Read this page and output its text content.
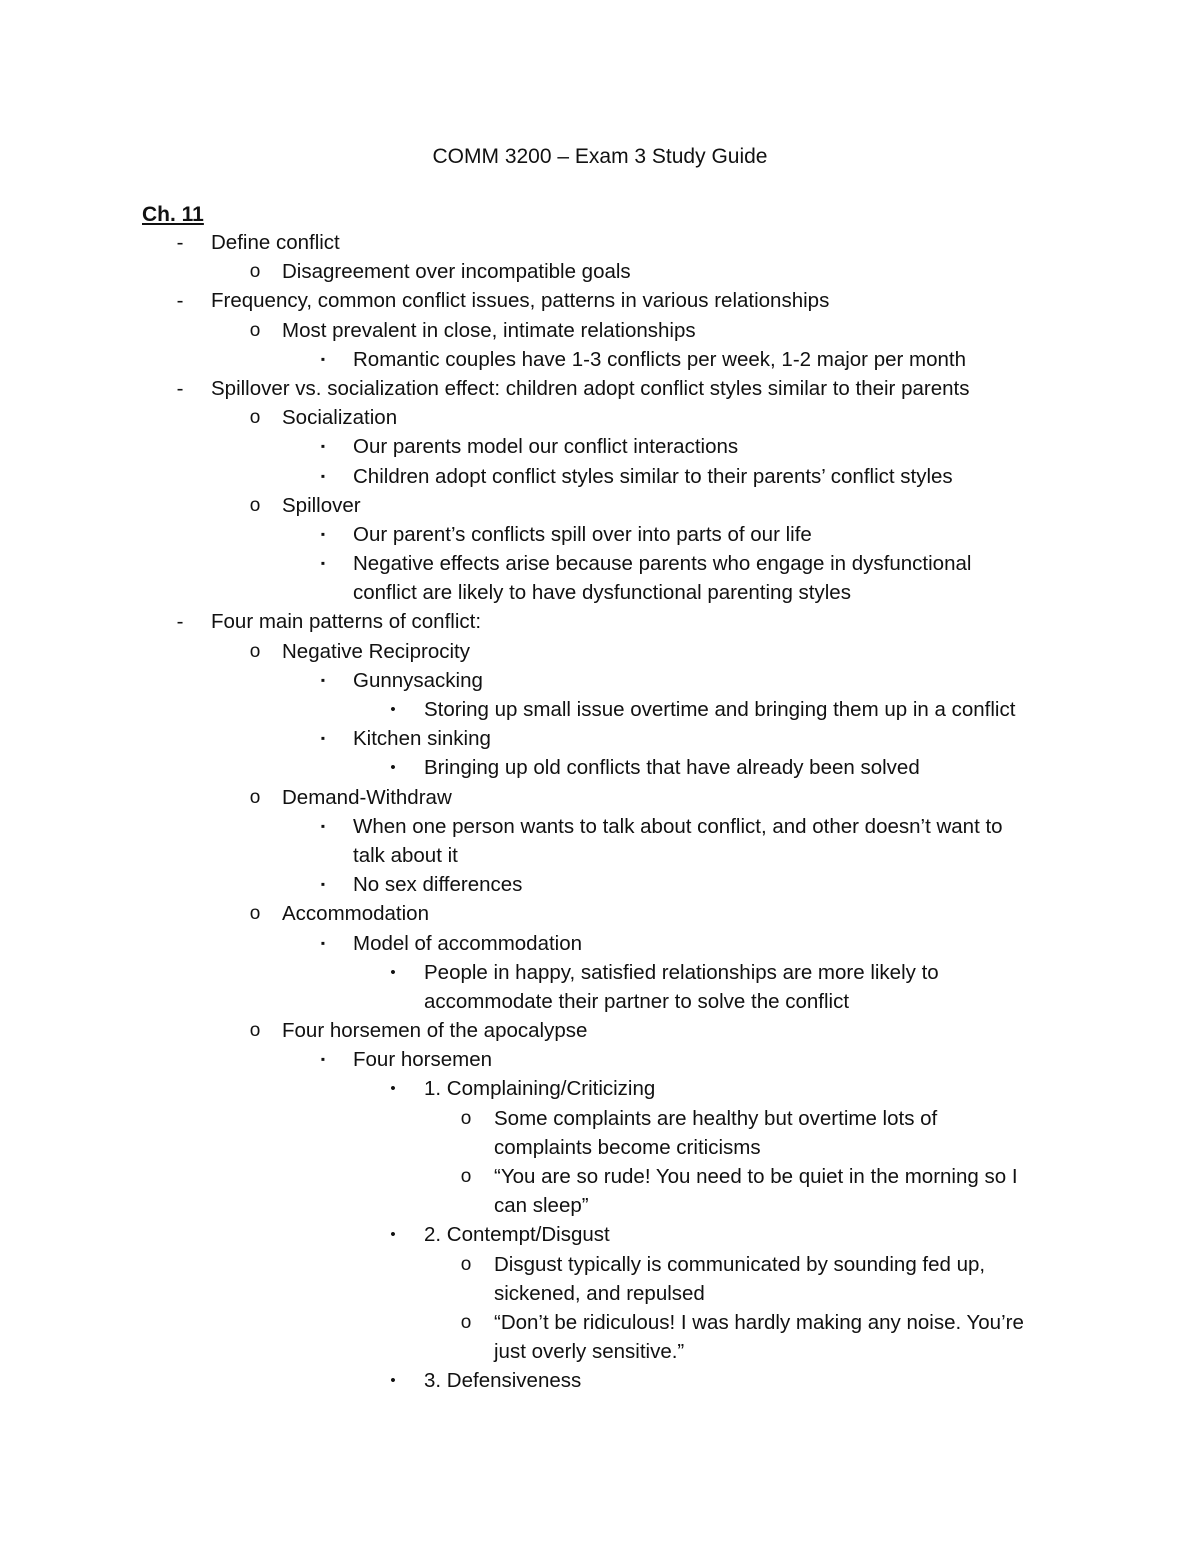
COMM 3200 – Exam 3 Study Guide
Ch. 11
-	Define conflict
o Disagreement over incompatible goals
-	Frequency, common conflict issues, patterns in various relationships
o Most prevalent in close, intimate relationships
▪	Romantic couples have 1-3 conflicts per week, 1-2 major per month
-	Spillover vs. socialization effect: children adopt conflict styles similar to their parents
o Socialization
▪	Our parents model our conflict interactions
▪	Children adopt conflict styles similar to their parents’ conflict styles
o Spillover
▪	Our parent’s conflicts spill over into parts of our life
▪	Negative effects arise because parents who engage in dysfunctional
conflict are likely to have dysfunctional parenting styles
-	Four main patterns of conflict:
o Negative Reciprocity
▪	Gunnysacking
•	Storing up small issue overtime and bringing them up in a conflict
▪	Kitchen sinking
•	Bringing up old conflicts that have already been solved
o Demand-Withdraw
▪	When one person wants to talk about conflict, and other doesn’t want to
talk about it
▪	No sex differences
o Accommodation
▪	Model of accommodation
•	People in happy, satisfied relationships are more likely to
accommodate their partner to solve the conflict
o Four horsemen of the apocalypse
▪	Four horsemen
•	1. Complaining/Criticizing
o Some complaints are healthy but overtime lots of
complaints become criticisms
o “You are so rude! You need to be quiet in the morning so I
can sleep”
•	2. Contempt/Disgust
o Disgust typically is communicated by sounding fed up,
sickened, and repulsed
o “Don’t be ridiculous! I was hardly making any noise. You’re
just overly sensitive.”
•	3. Defensiveness
